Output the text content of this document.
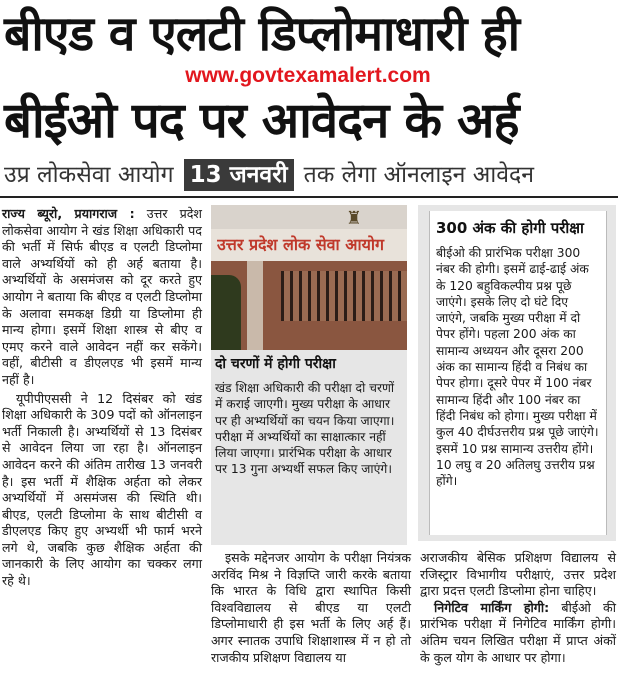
बीएड व एलटी डिप्लोमाधारी ही
www.govtexamalert.com
बीईओ पद पर आवेदन के अर्ह
उप्र लोकसेवा आयोग 13 जनवरी तक लेगा ऑनलाइन आवेदन

राज्य ब्यूरो, प्रयागराज : उत्तर प्रदेश लोकसेवा आयोग ने खंड शिक्षा अधिकारी पद की भर्ती में सिर्फ बीएड व एलटी डिप्लोमा वाले अभ्यर्थियों को ही अर्ह बताया है। अभ्यर्थियों के असमंजस को दूर करते हुए आयोग ने बताया कि बीएड व एलटी डिप्लोमा के अलावा समकक्ष डिग्री या डिप्लोमा ही मान्य होगा। इसमें शिक्षा शास्त्र से बीए व एमए करने वाले आवेदन नहीं कर सकेंगे। वहीं, बीटीसी व डीएलएड भी इसमें मान्य नहीं है।

यूपीपीएससी ने 12 दिसंबर को खंड शिक्षा अधिकारी के 309 पदों को ऑनलाइन भर्ती निकाली है। अभ्यर्थियों से 13 दिसंबर से आवेदन लिया जा रहा है। ऑनलाइन आवेदन करने की अंतिम तारीख 13 जनवरी है। इस भर्ती में शैक्षिक अर्हता को लेकर अभ्यर्थियों में असमंजस की स्थिति थी। बीएड, एलटी डिप्लोमा के साथ बीटीसी व डीएलएड किए हुए अभ्यर्थी भी फार्म भरने लगे थे, जबकि कुछ शैक्षिक अर्हता की जानकारी के लिए आयोग का चक्कर लगा रहे थे।

उत्तर प्रदेश लोक सेवा आयोग
♜
दो चरणों में होगी परीक्षा
खंड शिक्षा अधिकारी की परीक्षा दो चरणों में कराई जाएगी। मुख्य परीक्षा के आधार पर ही अभ्यर्थियों का चयन किया जाएगा। परीक्षा में अभ्यर्थियों का साक्षात्कार नहीं लिया जाएगा। प्रारंभिक परीक्षा के आधार पर 13 गुना अभ्यर्थी सफल किए जाएंगे।
300 अंक की होगी परीक्षा
बीईओ की प्रारंभिक परीक्षा 300 नंबर की होगी। इसमें ढाई-ढाई अंक के 120 बहुविकल्पीय प्रश्न पूछे जाएंगे। इसके लिए दो घंटे दिए जाएंगे, जबकि मुख्य परीक्षा में दो पेपर होंगे। पहला 200 अंक का सामान्य अध्ययन और दूसरा 200 अंक का सामान्य हिंदी व निबंध का पेपर होगा। दूसरे पेपर में 100 नंबर सामान्य हिंदी और 100 नंबर का हिंदी निबंध को होगा। मुख्य परीक्षा में कुल 40 दीर्घउत्तरीय प्रश्न पूछे जाएंगे। इसमें 10 प्रश्न सामान्य उत्तरीय होंगे। 10 लघु व 20 अतिलघु उत्तरीय प्रश्न होंगे।

इसके मद्देनजर आयोग के परीक्षा नियंत्रक अरविंद मिश्र ने विज्ञप्ति जारी करके बताया कि भारत के विधि द्वारा स्थापित किसी विश्वविद्यालय से बीएड या एलटी डिप्लोमाधारी ही इस भर्ती के लिए अर्ह हैं। अगर स्नातक उपाधि शिक्षाशास्त्र में न हो तो राजकीय प्रशिक्षण विद्यालय या

अराजकीय बेसिक प्रशिक्षण विद्यालय से रजिस्ट्रार विभागीय परीक्षाएं, उत्तर प्रदेश द्वारा प्रदत्त एलटी डिप्लोमा होना चाहिए।

निगेटिव मार्किंग होगी: बीईओ की प्रारंभिक परीक्षा में निगेटिव मार्किंग होगी। अंतिम चयन लिखित परीक्षा में प्राप्त अंकों के कुल योग के आधार पर होगा।
